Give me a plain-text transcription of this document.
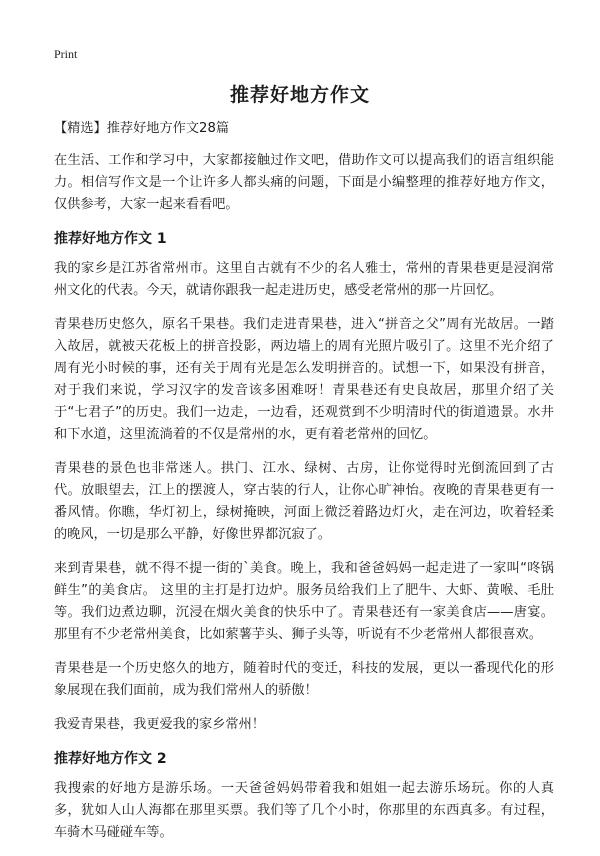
Print
推荐好地方作文

【精选】推荐好地方作文28篇

在生活、工作和学习中，大家都接触过作文吧，借助作文可以提高我们的语言组织能力。相信写作文是一个让许多人都头痛的问题，下面是小编整理的推荐好地方作文，仅供参考，大家一起来看看吧。

推荐好地方作文 1

我的家乡是江苏省常州市。这里自古就有不少的名人雅士，常州的青果巷更是浸润常州文化的代表。今天，就请你跟我一起走进历史，感受老常州的那一片回忆。

青果巷历史悠久，原名千果巷。我们走进青果巷，进入“拼音之父”周有光故居。一踏入故居，就被天花板上的拼音投影，两边墙上的周有光照片吸引了。这里不光介绍了周有光小时候的事，还有关于周有光是怎么发明拼音的。试想一下，如果没有拼音，对于我们来说，学习汉字的发音该多困难呀！青果巷还有史良故居，那里介绍了关于“七君子”的历史。我们一边走，一边看，还观赏到不少明清时代的街道遗景。水井和下水道，这里流淌着的不仅是常州的水，更有着老常州的回忆。

青果巷的景色也非常迷人。拱门、江水、绿树、古房，让你觉得时光倒流回到了古代。放眼望去，江上的摆渡人，穿古装的行人，让你心旷神怡。夜晚的青果巷更有一番风情。你瞧，华灯初上，绿树掩映，河面上微泛着路边灯火，走在河边，吹着轻柔的晚风，一切是那么平静，好像世界都沉寂了。

来到青果巷，就不得不提一街的`美食。晚上，我和爸爸妈妈一起走进了一家叫“咚锅鲜生”的美食店。 这里的主打是打边炉。服务员给我们上了肥牛、大虾、黄喉、毛肚等。我们边煮边聊，沉浸在烟火美食的快乐中了。青果巷还有一家美食店——唐宴。那里有不少老常州美食，比如萦薯芋头、狮子头等，听说有不少老常州人都很喜欢。

青果巷是一个历史悠久的地方，随着时代的变迁，科技的发展，更以一番现代化的形象展现在我们面前，成为我们常州人的骄傲！

我爱青果巷，我更爱我的家乡常州！

推荐好地方作文 2

我搜索的好地方是游乐场。一天爸爸妈妈带着我和姐姐一起去游乐场玩。你的人真多，犹如人山人海都在那里买票。我们等了几个小时，你那里的东西真多。有过程，车骑木马碰碰车等。
